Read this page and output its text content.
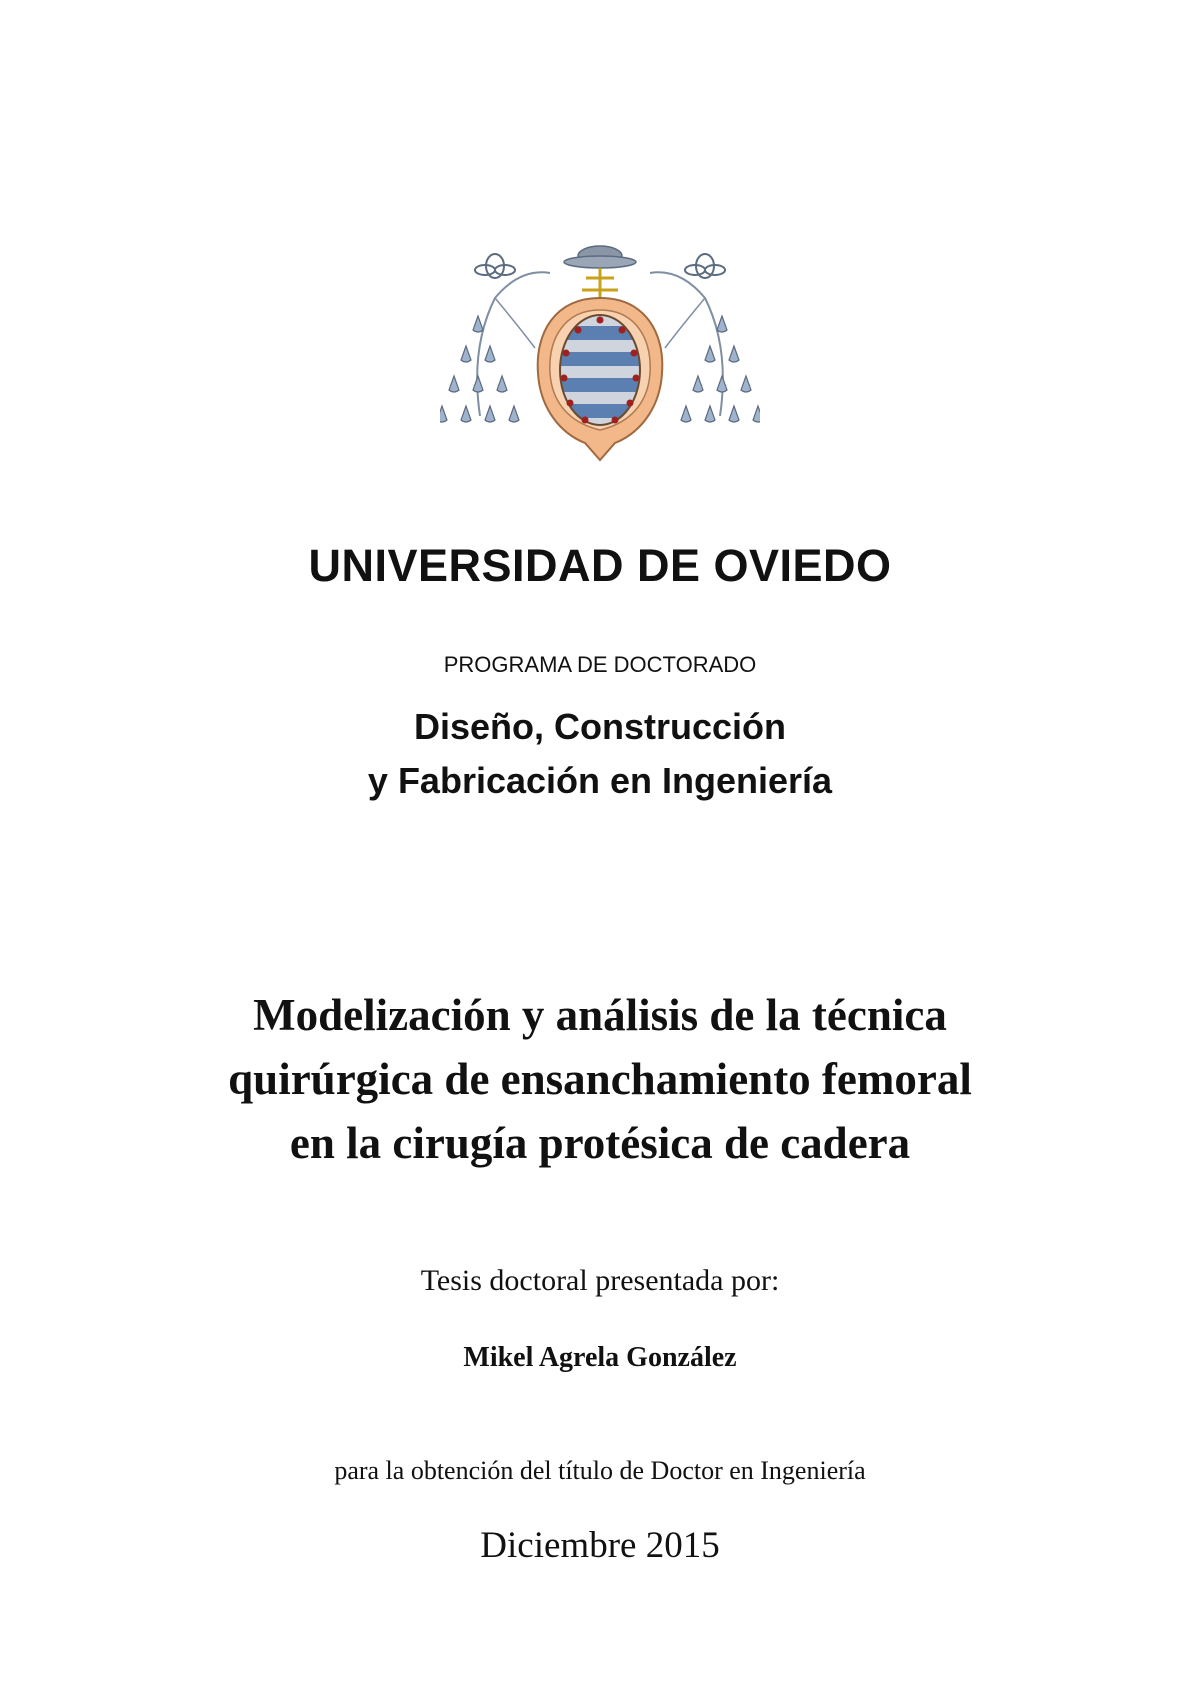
UNIVERSIDAD DE OVIEDO
PROGRAMA DE DOCTORADO
Diseño, Construcción
y Fabricación en Ingeniería
Modelización y análisis de la técnica
quirúrgica de ensanchamiento femoral
en la cirugía protésica de cadera
Tesis doctoral presentada por:
Mikel Agrela González
para la obtención del título de Doctor en Ingeniería
Diciembre 2015
